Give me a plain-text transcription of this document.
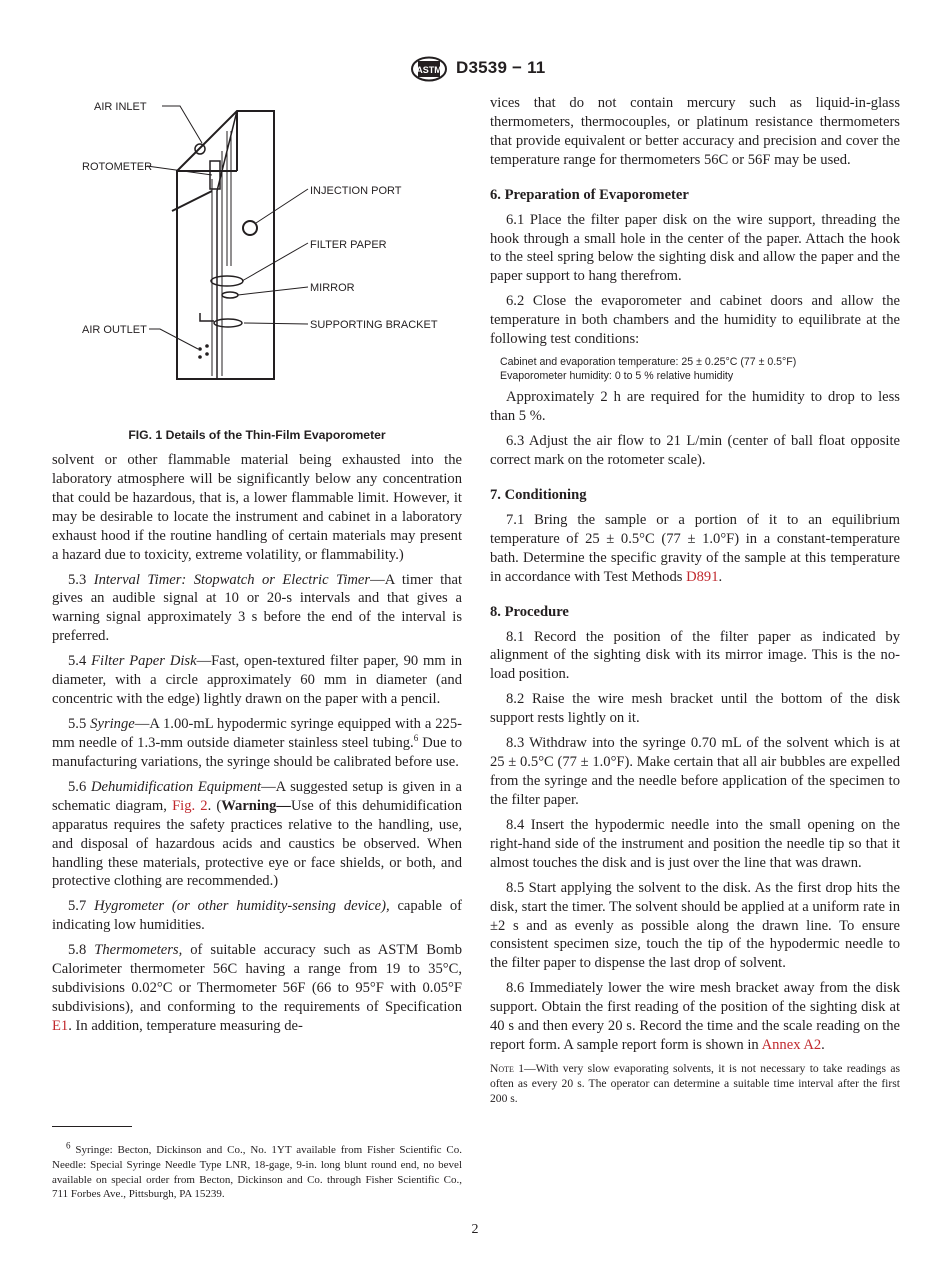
ASTM D3539 − 11
AIR INLET
ROTOMETER
INJECTION PORT
FILTER PAPER
MIRROR
AIR OUTLET	SUPPORTING BRACKET

FIG. 1 Details of the Thin-Film Evaporometer

solvent or other flammable material being exhausted into the laboratory atmosphere will be significantly below any concentration that could be hazardous, that is, a lower flammable limit. However, it may be desirable to locate the instrument and cabinet in a laboratory exhaust hood if the routine handling of certain materials may present a hazard due to toxicity, extreme volatility, or flammability.)

5.3 Interval Timer: Stopwatch or Electric Timer—A timer that gives an audible signal at 10 or 20-s intervals and that gives a warning signal approximately 3 s before the end of the interval is preferred.

5.4 Filter Paper Disk—Fast, open-textured filter paper, 90 mm in diameter, with a circle approximately 60 mm in diameter (and concentric with the edge) lightly drawn on the paper with a pencil.

5.5 Syringe—A 1.00-mL hypodermic syringe equipped with a 225-mm needle of 1.3-mm outside diameter stainless steel tubing.$^6$ Due to manufacturing variations, the syringe should be calibrated before use.

5.6 Dehumidification Equipment—A suggested setup is given in a schematic diagram, Fig. 2. (Warning—Use of this dehumidification apparatus requires the safety practices relative to the handling, use, and disposal of hazardous acids and caustics be observed. When handling these materials, protective eye or face shields, or both, and protective clothing are recommended.)

5.7 Hygrometer (or other humidity-sensing device), capable of indicating low humidities.

5.8 Thermometers, of suitable accuracy such as ASTM Bomb Calorimeter thermometer 56C having a range from 19 to 35°C, subdivisions 0.02°C or Thermometer 56F (66 to 95°F with 0.05°F subdivisions), and conforming to the requirements of Specification E1. In addition, temperature measuring de-

$^6$ Syringe: Becton, Dickinson and Co., No. 1YT available from Fisher Scientific Co. Needle: Special Syringe Needle Type LNR, 18-gage, 9-in. long blunt round end, no bevel available on special order from Becton, Dickinson and Co. through Fisher Scientific Co., 711 Forbes Ave., Pittsburgh, PA 15239.

vices that do not contain mercury such as liquid-in-glass thermometers, thermocouples, or platinum resistance thermometers that provide equivalent or better accuracy and precision and cover the temperature range for thermometers 56C or 56F may be used.

6. Preparation of Evaporometer

6.1 Place the filter paper disk on the wire support, threading the hook through a small hole in the center of the paper. Attach the hook to the steel spring below the sighting disk and allow the paper and the paper support to hang therefrom.

6.2 Close the evaporometer and cabinet doors and allow the temperature in both chambers and the humidity to equilibrate at the following test conditions:

Cabinet and evaporation temperature: 25 ± 0.25°C (77 ± 0.5°F)
Evaporometer humidity: 0 to 5 % relative humidity

Approximately 2 h are required for the humidity to drop to less than 5 %.

6.3 Adjust the air flow to 21 L/min (center of ball float opposite correct mark on the rotometer scale).

7. Conditioning

7.1 Bring the sample or a portion of it to an equilibrium temperature of 25 ± 0.5°C (77 ± 1.0°F) in a constant-temperature bath. Determine the specific gravity of the sample at this temperature in accordance with Test Methods D891.

8. Procedure

8.1 Record the position of the filter paper as indicated by alignment of the sighting disk with its mirror image. This is the no-load position.

8.2 Raise the wire mesh bracket until the bottom of the disk support rests lightly on it.

8.3 Withdraw into the syringe 0.70 mL of the solvent which is at 25 ± 0.5°C (77 ± 1.0°F). Make certain that all air bubbles are expelled from the syringe and the needle before application of the specimen to the filter paper.

8.4 Insert the hypodermic needle into the small opening on the right-hand side of the instrument and position the needle tip so that it almost touches the disk and is just over the line that was drawn.

8.5 Start applying the solvent to the disk. As the first drop hits the disk, start the timer. The solvent should be applied at a uniform rate in ±2 s and as evenly as possible along the drawn line. To ensure consistent specimen size, touch the tip of the hypodermic needle to the filter paper to dispense the last drop of solvent.

8.6 Immediately lower the wire mesh bracket away from the disk support. Obtain the first reading of the position of the sighting disk at 40 s and then every 20 s. Record the time and the scale reading on the report form. A sample report form is shown in Annex A2.

Note 1—With very slow evaporating solvents, it is not necessary to take readings as often as every 20 s. The operator can determine a suitable time interval after the first 200 s.

2
